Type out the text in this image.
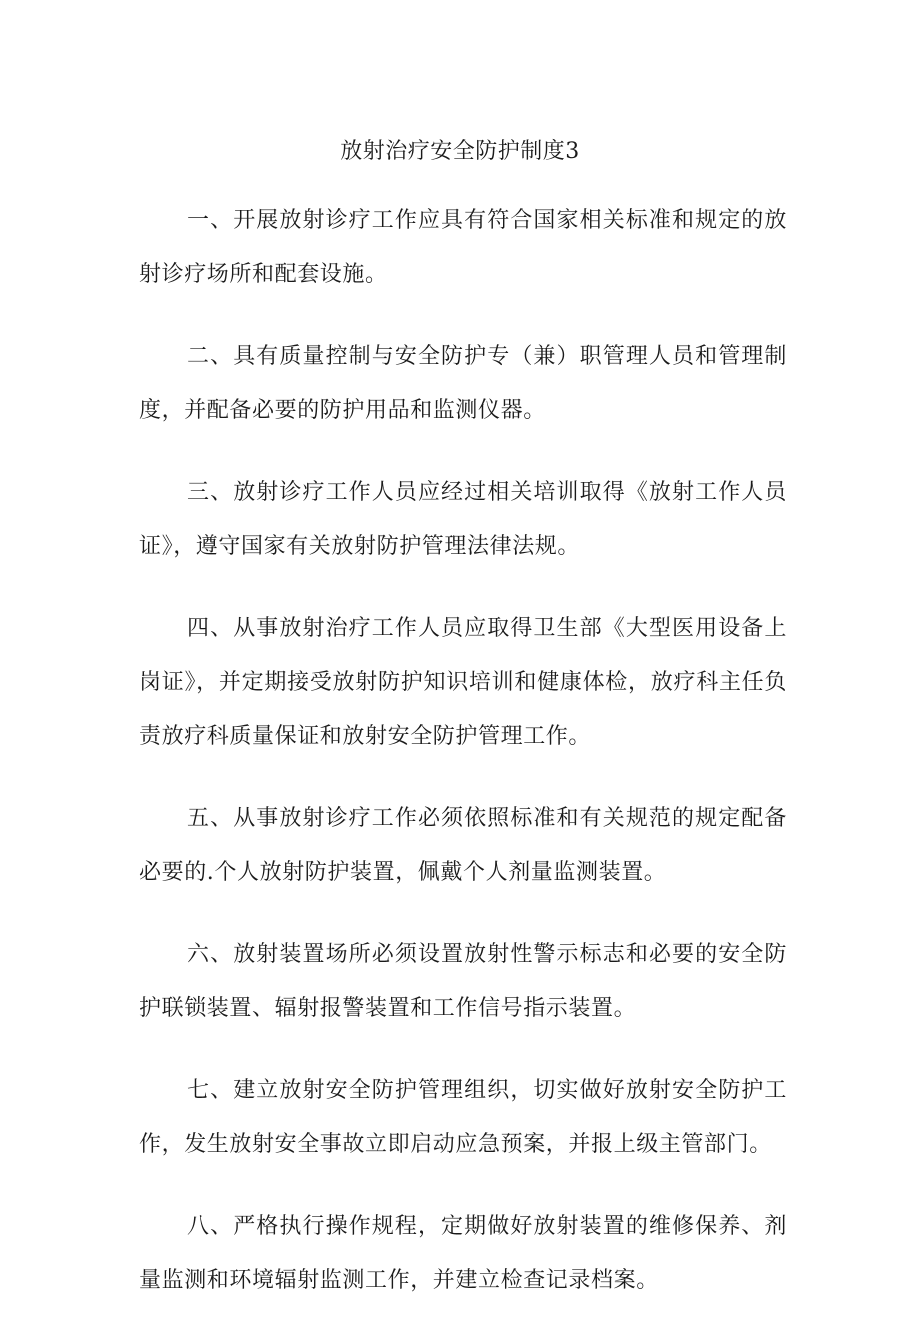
放射治疗安全防护制度3

一、开展放射诊疗工作应具有符合国家相关标准和规定的放射诊疗场所和配套设施。

二、具有质量控制与安全防护专（兼）职管理人员和管理制度，并配备必要的防护用品和监测仪器。

三、放射诊疗工作人员应经过相关培训取得《放射工作人员证》，遵守国家有关放射防护管理法律法规。

四、从事放射治疗工作人员应取得卫生部《大型医用设备上岗证》，并定期接受放射防护知识培训和健康体检，放疗科主任负责放疗科质量保证和放射安全防护管理工作。

五、从事放射诊疗工作必须依照标准和有关规范的规定配备必要的.个人放射防护装置，佩戴个人剂量监测装置。

六、放射装置场所必须设置放射性警示标志和必要的安全防护联锁装置、辐射报警装置和工作信号指示装置。

七、建立放射安全防护管理组织，切实做好放射安全防护工作，发生放射安全事故立即启动应急预案，并报上级主管部门。

八、严格执行操作规程，定期做好放射装置的维修保养、剂量监测和环境辐射监测工作，并建立检查记录档案。
